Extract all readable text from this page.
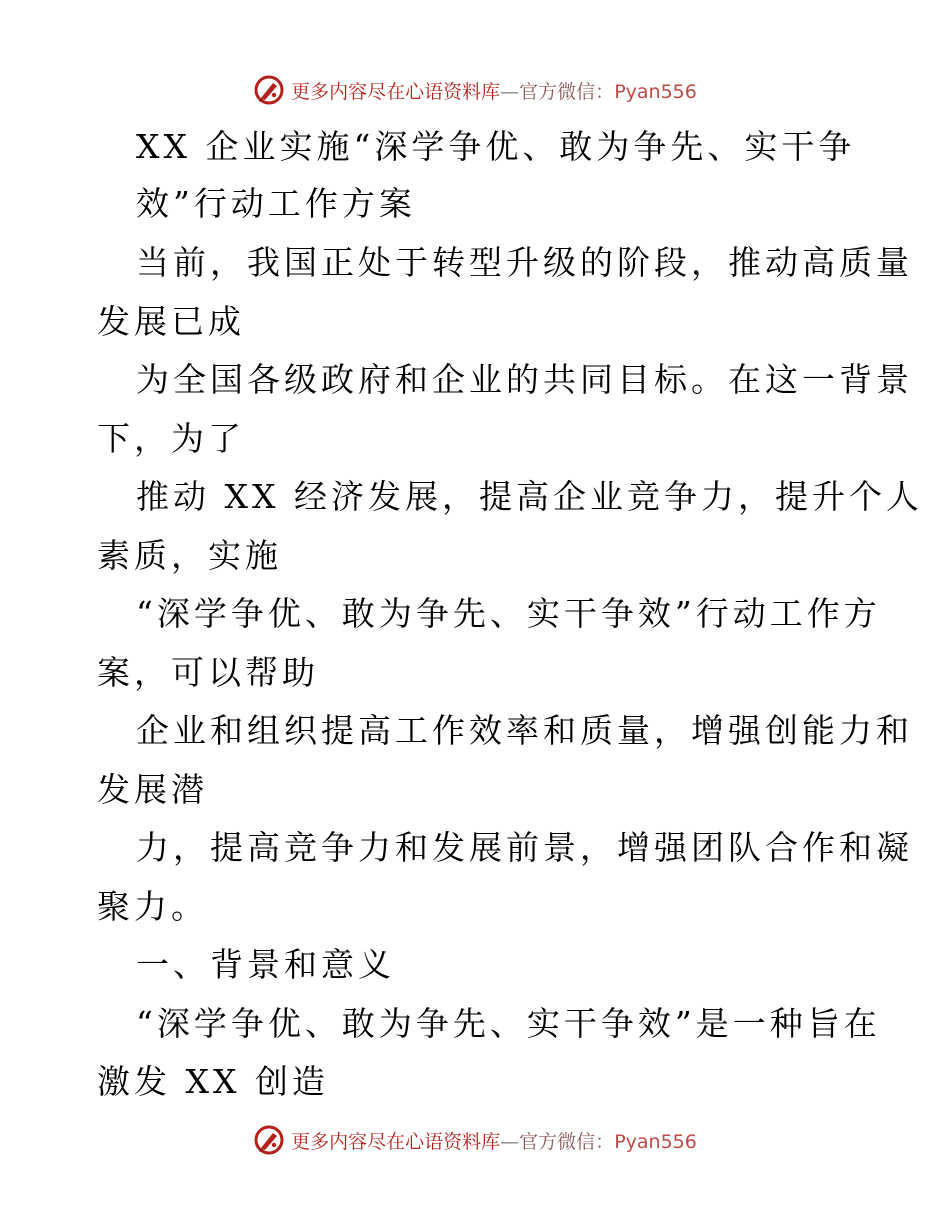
更多内容尽在心语资料库—官方微信：Pyan556
XX 企业实施“深学争优、敢为争先、实干争
效”行动工作方案
当前，我国正处于转型升级的阶段，推动高质量
发展已成
为全国各级政府和企业的共同目标。在这一背景
下，为了
推动 XX 经济发展，提高企业竞争力，提升个人
素质，实施
“深学争优、敢为争先、实干争效”行动工作方
案，可以帮助
企业和组织提高工作效率和质量，增强创能力和
发展潜
力，提高竞争力和发展前景，增强团队合作和凝
聚力。
一、背景和意义
“深学争优、敢为争先、实干争效”是一种旨在
激发 XX 创造
更多内容尽在心语资料库—官方微信：Pyan556
